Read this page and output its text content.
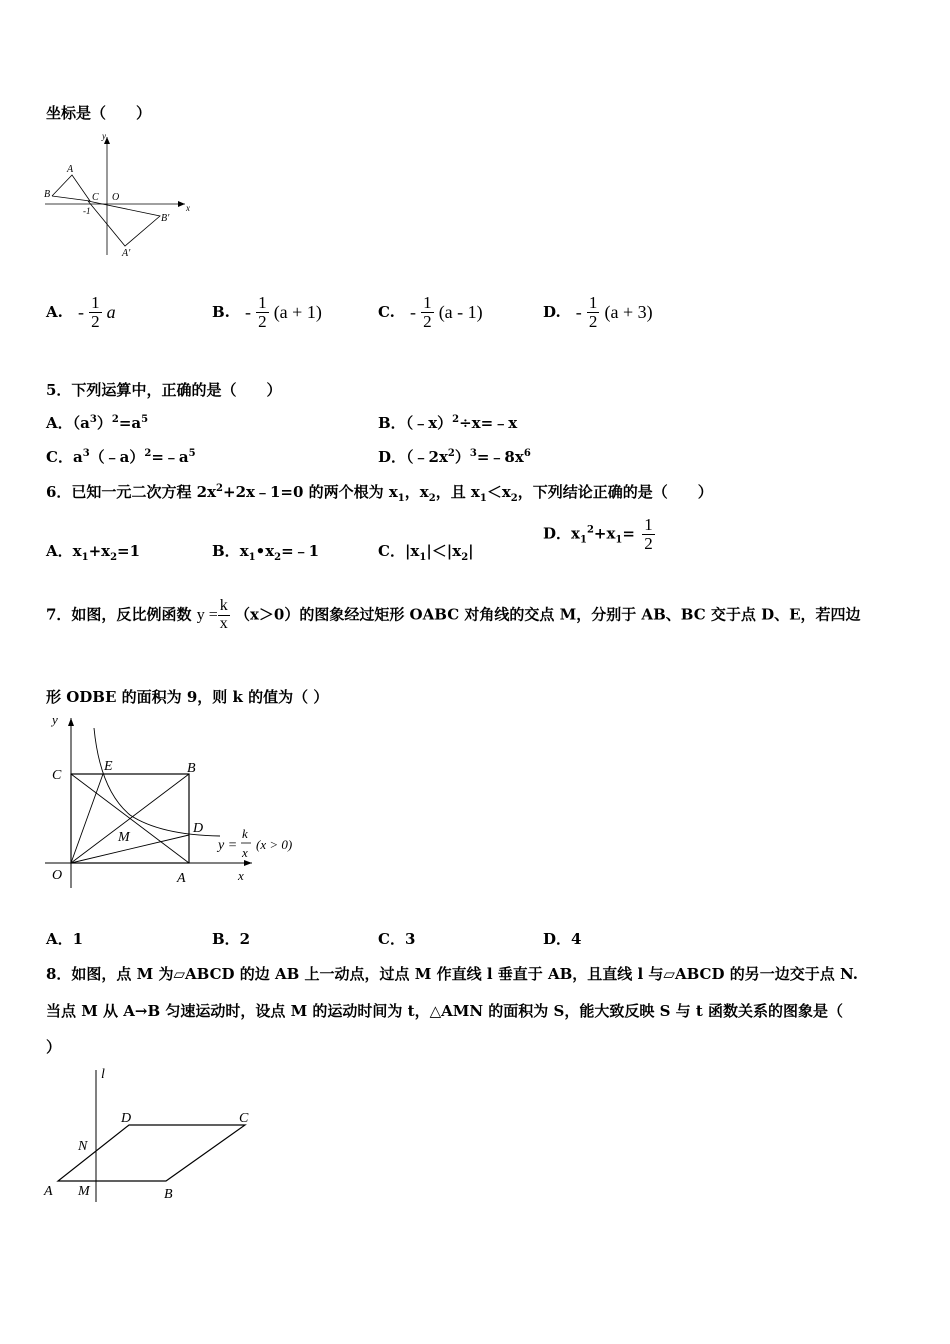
坐标是（　　）
y
x
A
B	C O
-1
B′
A′
A. - $\frac{1}{2}$ a	B. - $\frac{1}{2} (a + 1)$	C. - $\frac{1}{2} (a - 1)$	D. - $\frac{1}{2} (a + 3)$
5．下列运算中，正确的是（　　）
A．$(a^3)^2=a^5$	B．（﹣x）$^2$÷x=﹣x
C．$a^3(﹣a)^2=﹣a^5$	D．$(﹣2x^2)^3=﹣8x^6$
6．已知一元二次方程 $2x^2+2x﹣1=0$ 的两个根为 $x_1$，$x_2$，且 $x_1<x_2$，下列结论正确的是（　　）
A．$x_1+x_2=1$	B．$x_1•x_2=﹣1$	C．$|x_1|<|x_2|$
D．$x_1^2+x_1= \frac{1}{2}$
7．如图，反比例函数 $y = \frac{k}{x} (x>0)$的图象经过矩形 OABC 对角线的交点 M，分别于 AB、BC 交于点 D、E，若四边
形 ODBE 的面积为 9，则 k 的值为（ ）
y
x
O	A
B
C
D
E
M
y =
k
x
(x > 0)
A．1	B．2	C．3	D．4
8．如图，点 M 为▱ABCD 的边 AB 上一动点，过点 M 作直线 l 垂直于 AB，且直线 l 与▱ABCD 的另一边交于点 N.
当点 M 从 A→B 匀速运动时，设点 M 的运动时间为 t，△AMN 的面积为 S，能大致反映 S 与 t 函数关系的图象是（
）
l
D	C
N
A M	B
